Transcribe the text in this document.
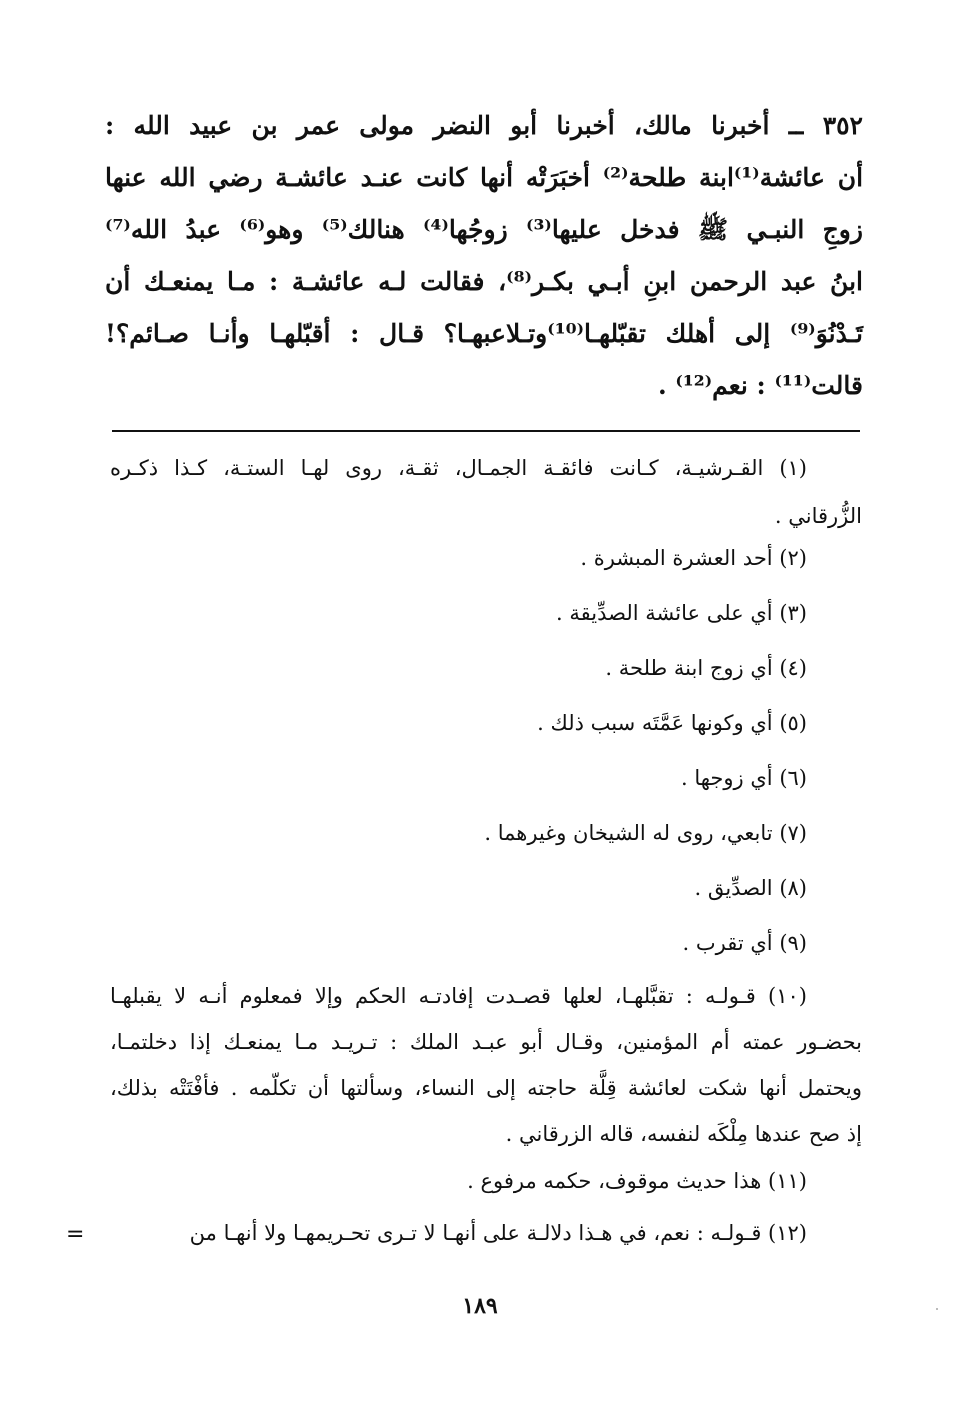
٣٥٢ ــ أخبرنا مالك، أخبرنا أبو النضر مولى عمر بن عبيد الله :
أن عائشة⁽¹⁾ابنة طلحة⁽²⁾ أخبَرَتْه أنها كانت عنـد عائشـة رضي الله عنها
زوجِ النبـي ﷺ فدخل عليها⁽³⁾ زوجُها⁽⁴⁾ هنالك⁽⁵⁾ وهو⁽⁶⁾ عبدُ الله⁽⁷⁾
ابنُ عبد الرحمن ابنِ أبـي بكـر⁽⁸⁾، فقالت لـه عائشـة : مـا يمنعـك أن
تَـدْنُوَ⁽⁹⁾ إلى أهلك تقبّلهـا⁽¹⁰⁾وتـلاعبهـا؟ قـال : أقبّلهـا وأنـا صـائم؟!
قالت⁽¹¹⁾ : نعم⁽¹²⁾ .
(١) القـرشيـة، كـانت فائقـة الجمـال، ثقـة، روى لهـا الستـة، كـذا ذكـره
الزُّرقاني .
(٢) أحد العشرة المبشرة .
(٣) أي على عائشة الصدِّيقة .
(٤) أي زوج ابنة طلحة .
(٥) أي وكونها عَمَّتَه سبب ذلك .
(٦) أي زوجها .
(٧) تابعي، روى له الشيخان وغيرهما .
(٨) الصدِّيق .
(٩) أي تقرب .
(١٠) قـولـه : تقبَّلهـا، لعلها قصـدت إفادتـه الحكم وإلا فمعلوم أنـه لا يقبلهـا
بحضـور عمته أم المؤمنين، وقـال أبو عبـد الملك : تـريـد مـا يمنعـك إذا دخلتمـا،
ويحتمل أنها شكت لعائشة قِلَّة حاجته إلى النساء، وسألتها أن تكلّمه . فأفْتَتْه بذلك،
إذ صح عندها مِلْكَه لنفسه، قاله الزرقاني .
(١١) هذا حديث موقوف، حكمه مرفوع .
(١٢) قـولـه : نعم، في هـذا دلالـة على أنهـا لا تـرى تحـريمهـا ولا أنهـا من
=
١٨٩
